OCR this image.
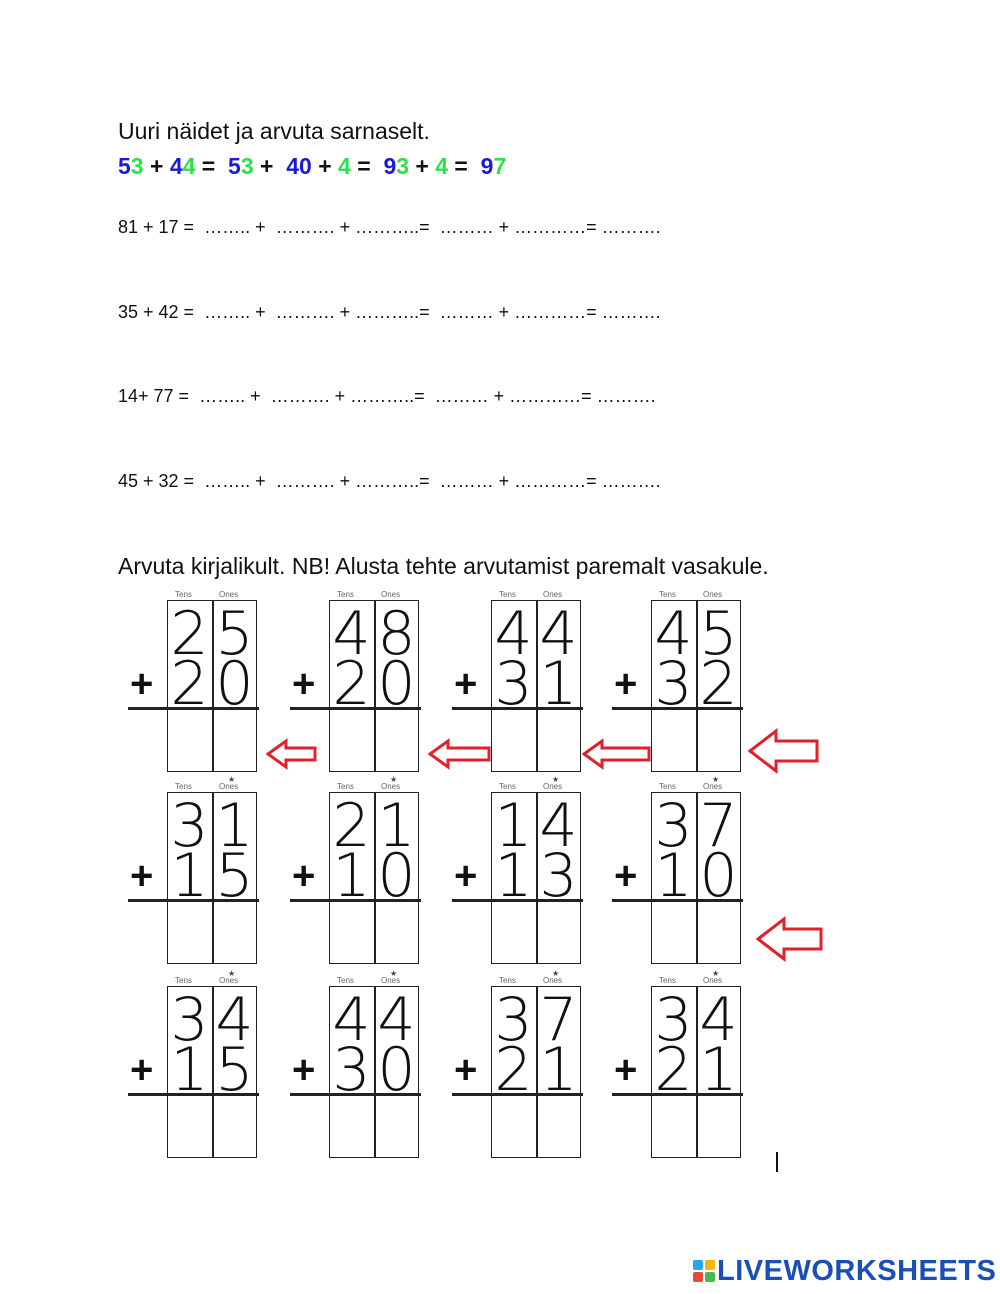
Uuri näidet ja arvuta sarnaselt.
53 + 44 =  53 +  40 + 4 =  93 + 4 =  97
81 + 17 =  …….. +  ………. + ………..=  ……… + …………= ……….
35 + 42 =  …….. +  ………. + ………..=  ……… + …………= ……….
14+ 77 =  …….. +  ………. + ………..=  ……… + …………= ……….
45 + 32 =  …….. +  ………. + ………..=  ……… + …………= ……….
Arvuta kirjalikult. NB! Alusta tehte arvutamist paremalt vasakule.
Tens	Ones
+
2 5
2 0
Tens	Ones
+
4 8
2 0
Tens	Ones
+
4 4
3 1
Tens	Ones
+
4 5
3 2
Tens	Ones
★
+
3 1
1 5
Tens	Ones
★
+
2 1
1 0
Tens	Ones
★
+
1 4
1 3
Tens	Ones
★
+
3 7
1 0
Tens	Ones
★
+
3 4
1 5
Tens	Ones
★
+
4 4
3 0
Tens	Ones
★
+
3 7
2 1
Tens	Ones
★
+
3 4
2 1
LIVEWORKSHEETS
